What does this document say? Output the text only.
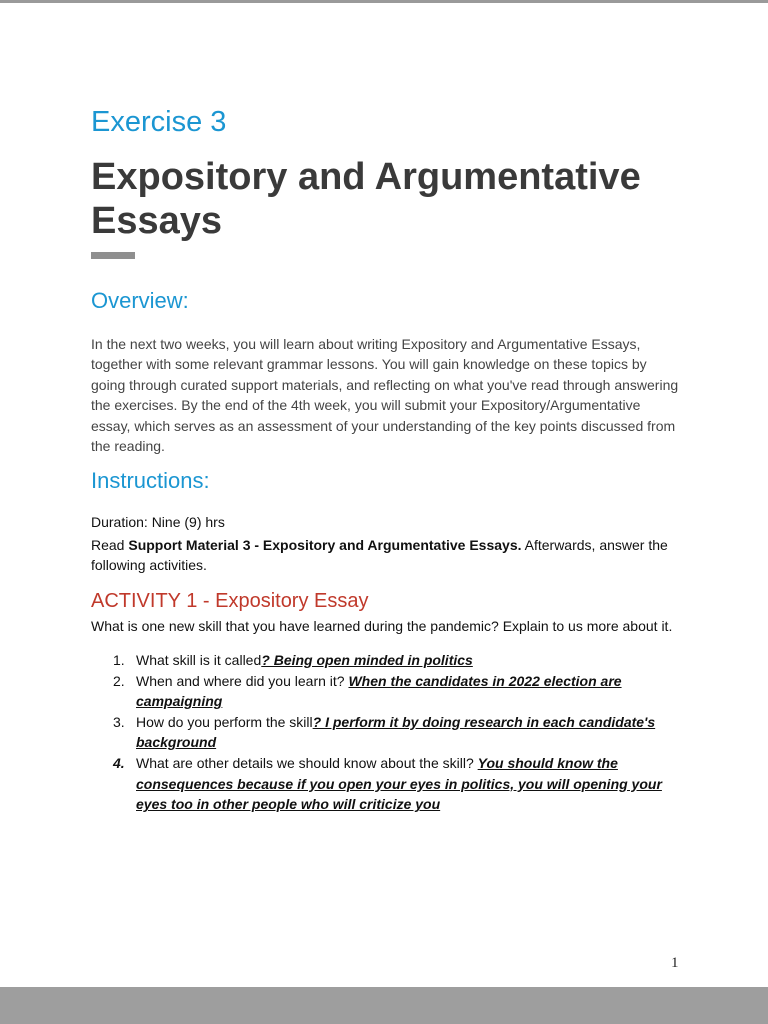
Exercise 3
Expository and Argumentative Essays
Overview:
In the next two weeks, you will learn about writing Expository and Argumentative Essays, together with some relevant grammar lessons. You will gain knowledge on these topics by going through curated support materials, and reflecting on what you've read through answering the exercises. By the end of the 4th week, you will submit your Expository/Argumentative essay, which serves as an assessment of your understanding of the key points discussed from the reading.
Instructions:
Duration: Nine (9) hrs
Read Support Material 3 - Expository and Argumentative Essays. Afterwards, answer the following activities.
ACTIVITY 1 - Expository Essay
What is one new skill that you have learned during the pandemic? Explain to us more about it.
1. What skill is it called? Being open minded in politics
2. When and where did you learn it? When the candidates in 2022 election are campaigning
3. How do you perform the skill? I perform it by doing research in each candidate's background
4. What are other details we should know about the skill? You should know the consequences because if you open your eyes in politics, you will opening your eyes too in other people who will criticize you
1
